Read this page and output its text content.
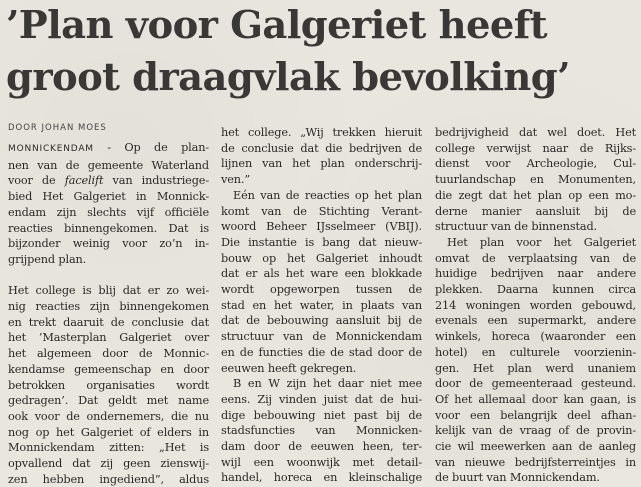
’Plan voor Galgeriet heeft
groot draagvlak bevolking’

DOOR JOHAN MOES

MONNICKENDAM - Op de plan-
nen van de gemeente Waterland
voor de facelift van industriege-
bied Het Galgeriet in Monnick-
endam zijn slechts vijf officiële
reacties binnengekomen. Dat is
bijzonder weinig voor zo’n in-
grijpend plan.

Het college is blij dat er zo wei-
nig reacties zijn binnengekomen
en trekt daaruit de conclusie dat
het ’Masterplan Galgeriet over
het algemeen door de Monnic-
kendamse gemeenschap en door
betrokken organisaties wordt
gedragen’. Dat geldt met name
ook voor de ondernemers, die nu
nog op het Galgeriet of elders in
Monnickendam zitten: „Het is
opvallend dat zij geen zienswij-
zen hebben ingediend”, aldus

het college. „Wij trekken hieruit
de conclusie dat die bedrijven de
lijnen van het plan onderschrij-
ven.”

Eén van de reacties op het plan
komt van de Stichting Verant-
woord Beheer IJsselmeer (VBIJ).
Die instantie is bang dat nieuw-
bouw op het Galgeriet inhoudt
dat er als het ware een blokkade
wordt opgeworpen tussen de
stad en het water, in plaats van
dat de bebouwing aansluit bij de
structuur van de Monnickendam
en de functies die de stad door de
eeuwen heeft gekregen.

B en W zijn het daar niet mee
eens. Zij vinden juist dat de hui-
dige bebouwing niet past bij de
stadsfuncties van Monnicken-
dam door de eeuwen heen, ter-
wijl een woonwijk met detail-
handel, horeca en kleinschalige

bedrijvigheid dat wel doet. Het
college verwijst naar de Rijks-
dienst voor Archeologie, Cul-
tuurlandschap en Monumenten,
die zegt dat het plan op een mo-
derne manier aansluit bij de
structuur van de binnenstad.

Het plan voor het Galgeriet
omvat de verplaatsing van de
huidige bedrijven naar andere
plekken. Daarna kunnen circa
214 woningen worden gebouwd,
evenals een supermarkt, andere
winkels, horeca (waaronder een
hotel) en culturele voorzienin-
gen. Het plan werd unaniem
door de gemeenteraad gesteund.
Of het allemaal door kan gaan, is
voor een belangrijk deel afhan-
kelijk van de vraag of de provin-
cie wil meewerken aan de aanleg
van nieuwe bedrijfsterreintjes in
de buurt van Monnickendam.
